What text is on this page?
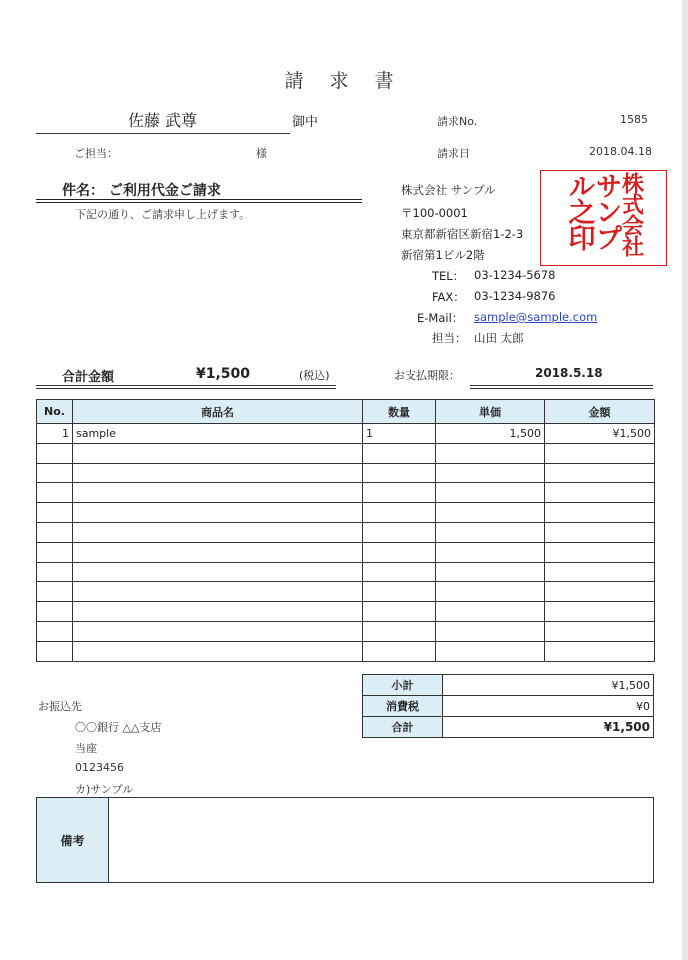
請 求 書
佐藤 武尊	御中
ご担当：	様
請求No.	1585
請求日	2018.04.18
件名： ご利用代金ご請求
下記の通り、ご請求申し上げます。
株式会社 サンプル
〒100-0001
東京都新宿区新宿1-2-3
新宿第1ビル2階
TEL： 03-1234-5678
FAX： 03-1234-9876
E-Mail： sample@sample.com
担当： 山田 太郎
株式会社
サンプ
ル之印
合計金額	¥1,500	(税込)	お支払期限：	2018.5.18
No.	商品名	数量	単価	金額
1	sample	1	1,500	¥1,500

小計	¥1,500
消費税	¥0
合計	¥1,500
お振込先
〇〇銀行 △△支店
当座
0123456
カ)サンプル
備考
